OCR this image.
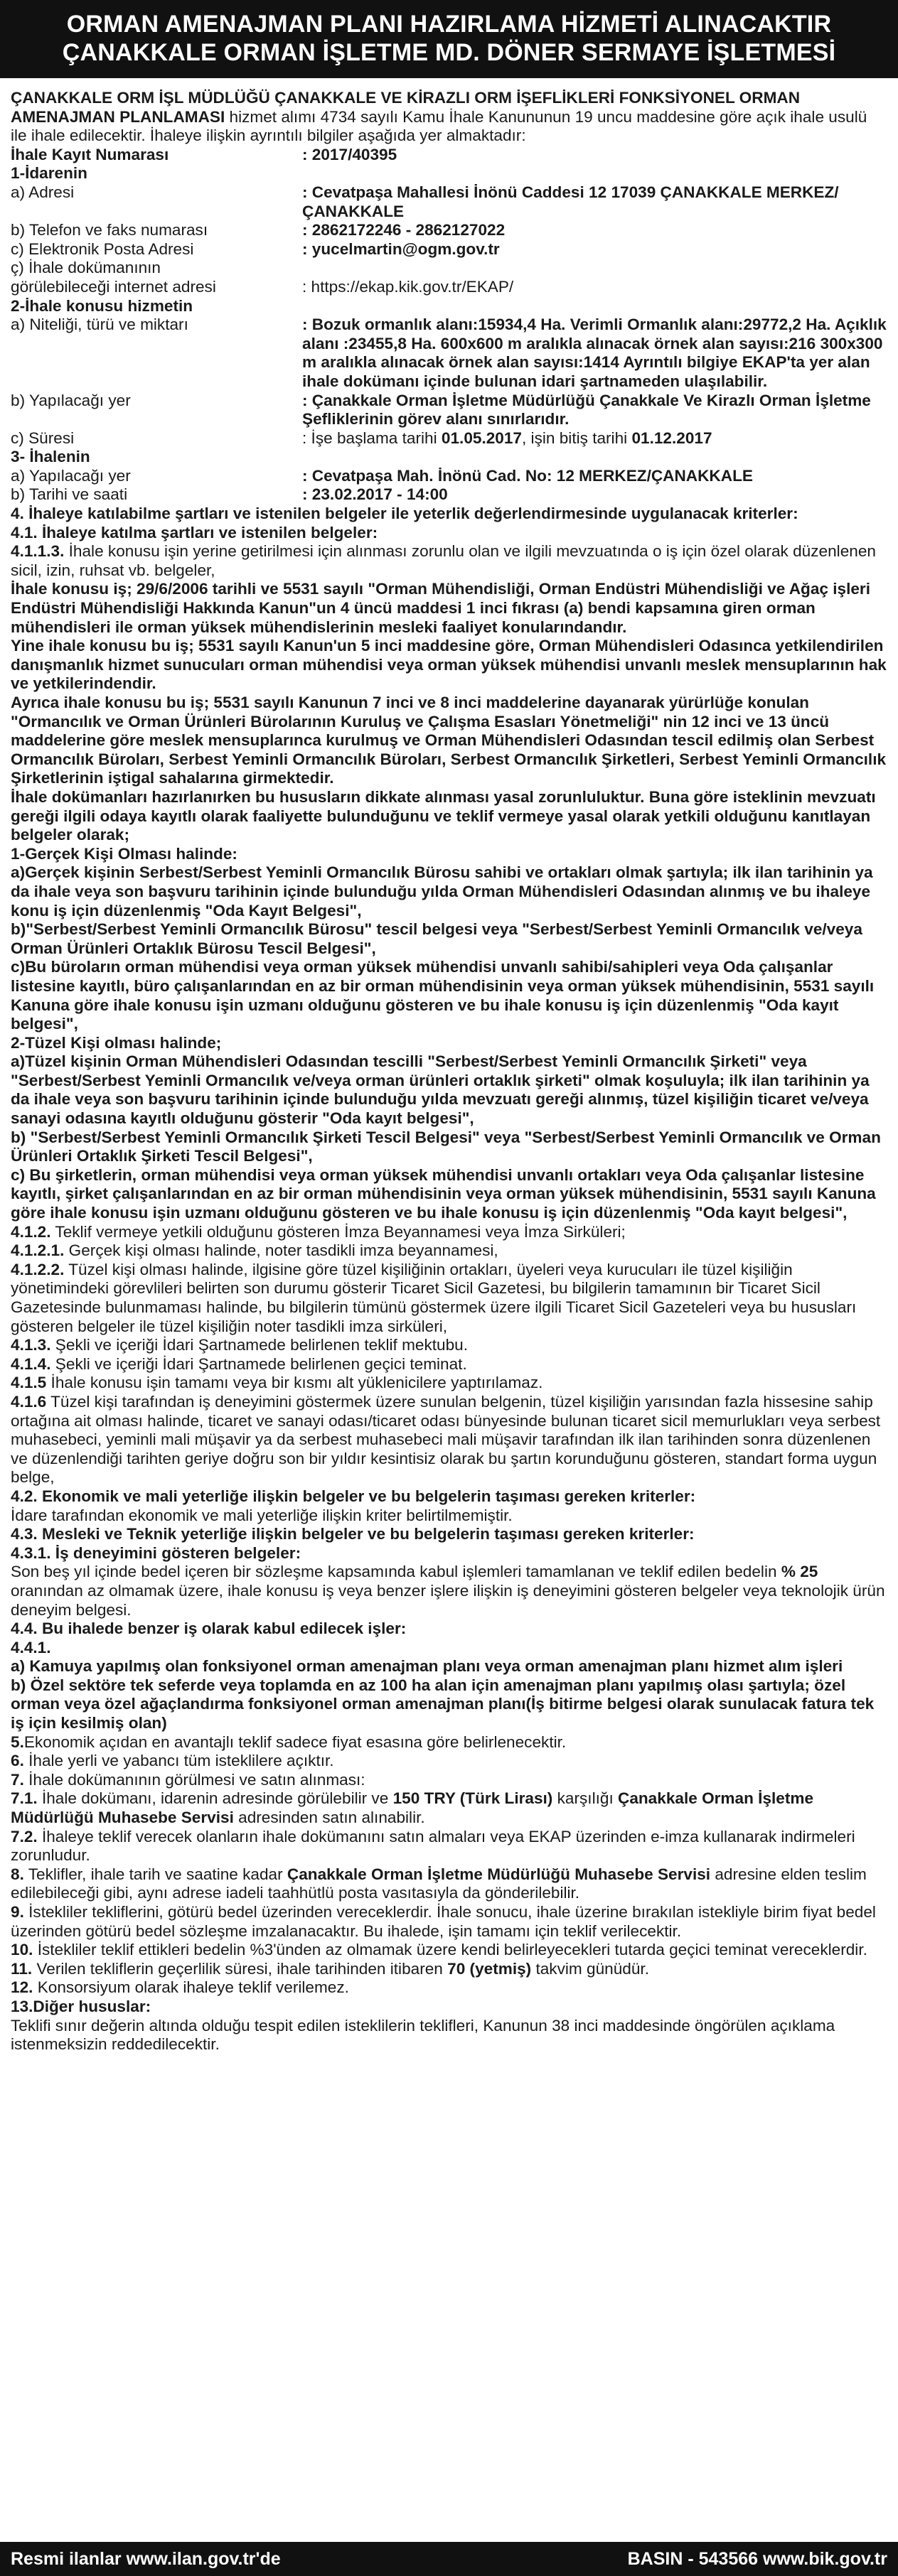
ORMAN AMENAJMAN PLANI HAZIRLAMA HİZMETİ ALINACAKTIR
ÇANAKKALE ORMAN İŞLETME MD. DÖNER SERMAYE İŞLETMESİ

ÇANAKKALE ORM İŞL MÜDLÜĞÜ ÇANAKKALE VE KİRAZLI ORM İŞEFLİKLERİ FONKSİYONEL ORMAN AMENAJMAN PLANLAMASI hizmet alımı 4734 sayılı Kamu İhale Kanununun 19 uncu maddesine göre açık ihale usulü ile ihale edilecektir. İhaleye ilişkin ayrıntılı bilgiler aşağıda yer almaktadır:

İhale Kayıt Numarası	: 2017/40395

1-İdarenin

a) Adresi	: Cevatpaşa Mahallesi İnönü Caddesi 12 17039 ÇANAKKALE MERKEZ/ÇANAKKALE
b) Telefon ve faks numarası	: 2862172246 - 2862127022
c) Elektronik Posta Adresi	: yucelmartin@ogm.gov.tr
ç) İhale dokümanının
görülebileceği internet adresi	: https://ekap.kik.gov.tr/EKAP/

2-İhale konusu hizmetin

a) Niteliği, türü ve miktarı	: Bozuk ormanlık alanı:15934,4 Ha. Verimli Ormanlık alanı:29772,2 Ha. Açıklık alanı :23455,8 Ha. 600x600 m aralıkla alınacak örnek alan sayısı:216 300x300 m aralıkla alınacak örnek alan sayısı:1414 Ayrıntılı bilgiye EKAP'ta yer alan ihale dokümanı içinde bulunan idari şartnameden ulaşılabilir.
b) Yapılacağı yer	: Çanakkale Orman İşletme Müdürlüğü Çanakkale Ve Kirazlı Orman İşletme Şefliklerinin görev alanı sınırlarıdır.
c) Süresi	: İşe başlama tarihi 01.05.2017, işin bitiş tarihi 01.12.2017

3- İhalenin

a) Yapılacağı yer	: Cevatpaşa Mah. İnönü Cad. No: 12 MERKEZ/ÇANAKKALE
b) Tarihi ve saati	: 23.02.2017 - 14:00

4. İhaleye katılabilme şartları ve istenilen belgeler ile yeterlik değerlendirmesinde uygulanacak kriterler:

4.1. İhaleye katılma şartları ve istenilen belgeler:

4.1.1.3. İhale konusu işin yerine getirilmesi için alınması zorunlu olan ve ilgili mevzuatında o iş için özel olarak düzenlenen sicil, izin, ruhsat vb. belgeler,

İhale konusu iş; 29/6/2006 tarihli ve 5531 sayılı "Orman Mühendisliği, Orman Endüstri Mühendisliği ve Ağaç işleri Endüstri Mühendisliği Hakkında Kanun"un 4 üncü maddesi 1 inci fıkrası (a) bendi kapsamına giren orman mühendisleri ile orman yüksek mühendislerinin mesleki faaliyet konularındandır.

Yine ihale konusu bu iş; 5531 sayılı Kanun'un 5 inci maddesine göre, Orman Mühendisleri Odasınca yetkilendirilen danışmanlık hizmet sunucuları orman mühendisi veya orman yüksek mühendisi unvanlı meslek mensuplarının hak ve yetkilerindendir.

Ayrıca ihale konusu bu iş; 5531 sayılı Kanunun 7 inci ve 8 inci maddelerine dayanarak yürürlüğe konulan "Ormancılık ve Orman Ürünleri Bürolarının Kuruluş ve Çalışma Esasları Yönetmeliği" nin 12 inci ve 13 üncü maddelerine göre meslek mensuplarınca kurulmuş ve Orman Mühendisleri Odasından tescil edilmiş olan Serbest Ormancılık Büroları, Serbest Yeminli Ormancılık Büroları, Serbest Ormancılık Şirketleri, Serbest Yeminli Ormancılık Şirketlerinin iştigal sahalarına girmektedir.

İhale dokümanları hazırlanırken bu hususların dikkate alınması yasal zorunluluktur. Buna göre isteklinin mevzuatı gereği ilgili odaya kayıtlı olarak faaliyette bulunduğunu ve teklif vermeye yasal olarak yetkili olduğunu kanıtlayan belgeler olarak;

1-Gerçek Kişi Olması halinde:

a)Gerçek kişinin Serbest/Serbest Yeminli Ormancılık Bürosu sahibi ve ortakları olmak şartıyla; ilk ilan tarihinin ya da ihale veya son başvuru tarihinin içinde bulunduğu yılda Orman Mühendisleri Odasından alınmış ve bu ihaleye konu iş için düzenlenmiş "Oda Kayıt Belgesi",

b)"Serbest/Serbest Yeminli Ormancılık Bürosu" tescil belgesi veya "Serbest/Serbest Yeminli Ormancılık ve/veya Orman Ürünleri Ortaklık Bürosu Tescil Belgesi",

c)Bu büroların orman mühendisi veya orman yüksek mühendisi unvanlı sahibi/sahipleri veya Oda çalışanlar listesine kayıtlı, büro çalışanlarından en az bir orman mühendisinin veya orman yüksek mühendisinin, 5531 sayılı Kanuna göre ihale konusu işin uzmanı olduğunu gösteren ve bu ihale konusu iş için düzenlenmiş "Oda kayıt belgesi",

2-Tüzel Kişi olması halinde;

a)Tüzel kişinin Orman Mühendisleri Odasından tescilli "Serbest/Serbest Yeminli Ormancılık Şirketi" veya "Serbest/Serbest Yeminli Ormancılık ve/veya orman ürünleri ortaklık şirketi" olmak koşuluyla; ilk ilan tarihinin ya da ihale veya son başvuru tarihinin içinde bulunduğu yılda mevzuatı gereği alınmış, tüzel kişiliğin ticaret ve/veya sanayi odasına kayıtlı olduğunu gösterir "Oda kayıt belgesi",

b) "Serbest/Serbest Yeminli Ormancılık Şirketi Tescil Belgesi" veya "Serbest/Serbest Yeminli Ormancılık ve Orman Ürünleri Ortaklık Şirketi Tescil Belgesi",

c) Bu şirketlerin, orman mühendisi veya orman yüksek mühendisi unvanlı ortakları veya Oda çalışanlar listesine kayıtlı, şirket çalışanlarından en az bir orman mühendisinin veya orman yüksek mühendisinin, 5531 sayılı Kanuna göre ihale konusu işin uzmanı olduğunu gösteren ve bu ihale konusu iş için düzenlenmiş "Oda kayıt belgesi",

4.1.2. Teklif vermeye yetkili olduğunu gösteren İmza Beyannamesi veya İmza Sirküleri;

4.1.2.1. Gerçek kişi olması halinde, noter tasdikli imza beyannamesi,

4.1.2.2. Tüzel kişi olması halinde, ilgisine göre tüzel kişiliğinin ortakları, üyeleri veya kurucuları ile tüzel kişiliğin yönetimindeki görevlileri belirten son durumu gösterir Ticaret Sicil Gazetesi, bu bilgilerin tamamının bir Ticaret Sicil Gazetesinde bulunmaması halinde, bu bilgilerin tümünü göstermek üzere ilgili Ticaret Sicil Gazeteleri veya bu hususları gösteren belgeler ile tüzel kişiliğin noter tasdikli imza sirküleri,

4.1.3. Şekli ve içeriği İdari Şartnamede belirlenen teklif mektubu.

4.1.4. Şekli ve içeriği İdari Şartnamede belirlenen geçici teminat.

4.1.5 İhale konusu işin tamamı veya bir kısmı alt yüklenicilere yaptırılamaz.

4.1.6 Tüzel kişi tarafından iş deneyimini göstermek üzere sunulan belgenin, tüzel kişiliğin yarısından fazla hissesine sahip ortağına ait olması halinde, ticaret ve sanayi odası/ticaret odası bünyesinde bulunan ticaret sicil memurlukları veya serbest muhasebeci, yeminli mali müşavir ya da serbest muhasebeci mali müşavir tarafından ilk ilan tarihinden sonra düzenlenen ve düzenlendiği tarihten geriye doğru son bir yıldır kesintisiz olarak bu şartın korunduğunu gösteren, standart forma uygun belge,

4.2. Ekonomik ve mali yeterliğe ilişkin belgeler ve bu belgelerin taşıması gereken kriterler:

İdare tarafından ekonomik ve mali yeterliğe ilişkin kriter belirtilmemiştir.

4.3. Mesleki ve Teknik yeterliğe ilişkin belgeler ve bu belgelerin taşıması gereken kriterler:

4.3.1. İş deneyimini gösteren belgeler:

Son beş yıl içinde bedel içeren bir sözleşme kapsamında kabul işlemleri tamamlanan ve teklif edilen bedelin % 25 oranından az olmamak üzere, ihale konusu iş veya benzer işlere ilişkin iş deneyimini gösteren belgeler veya teknolojik ürün deneyim belgesi.

4.4. Bu ihalede benzer iş olarak kabul edilecek işler:

4.4.1.

a) Kamuya yapılmış olan fonksiyonel orman amenajman planı veya orman amenajman planı hizmet alım işleri

b) Özel sektöre tek seferde veya toplamda en az 100 ha alan için amenajman planı yapılmış olası şartıyla; özel orman veya özel ağaçlandırma fonksiyonel orman amenajman planı(İş bitirme belgesi olarak sunulacak fatura tek iş için kesilmiş olan)

5.Ekonomik açıdan en avantajlı teklif sadece fiyat esasına göre belirlenecektir.

6. İhale yerli ve yabancı tüm isteklilere açıktır.

7. İhale dokümanının görülmesi ve satın alınması:

7.1. İhale dokümanı, idarenin adresinde görülebilir ve 150 TRY (Türk Lirası) karşılığı Çanakkale Orman İşletme Müdürlüğü Muhasebe Servisi adresinden satın alınabilir.

7.2. İhaleye teklif verecek olanların ihale dokümanını satın almaları veya EKAP üzerinden e-imza kullanarak indirmeleri zorunludur.

8. Teklifler, ihale tarih ve saatine kadar Çanakkale Orman İşletme Müdürlüğü Muhasebe Servisi adresine elden teslim edilebileceği gibi, aynı adrese iadeli taahhütlü posta vasıtasıyla da gönderilebilir.

9. İstekliler tekliflerini, götürü bedel üzerinden vereceklerdir. İhale sonucu, ihale üzerine bırakılan istekliyle birim fiyat bedel üzerinden götürü bedel sözleşme imzalanacaktır. Bu ihalede, işin tamamı için teklif verilecektir.

10. İstekliler teklif ettikleri bedelin %3'ünden az olmamak üzere kendi belirleyecekleri tutarda geçici teminat vereceklerdir.

11. Verilen tekliflerin geçerlilik süresi, ihale tarihinden itibaren 70 (yetmiş) takvim günüdür.

12. Konsorsiyum olarak ihaleye teklif verilemez.

13.Diğer hususlar:

Teklifi sınır değerin altında olduğu tespit edilen isteklilerin teklifleri, Kanunun 38 inci maddesinde öngörülen açıklama istenmeksizin reddedilecektir.

Resmi ilanlar www.ilan.gov.tr'de	BASIN - 543566 www.bik.gov.tr
